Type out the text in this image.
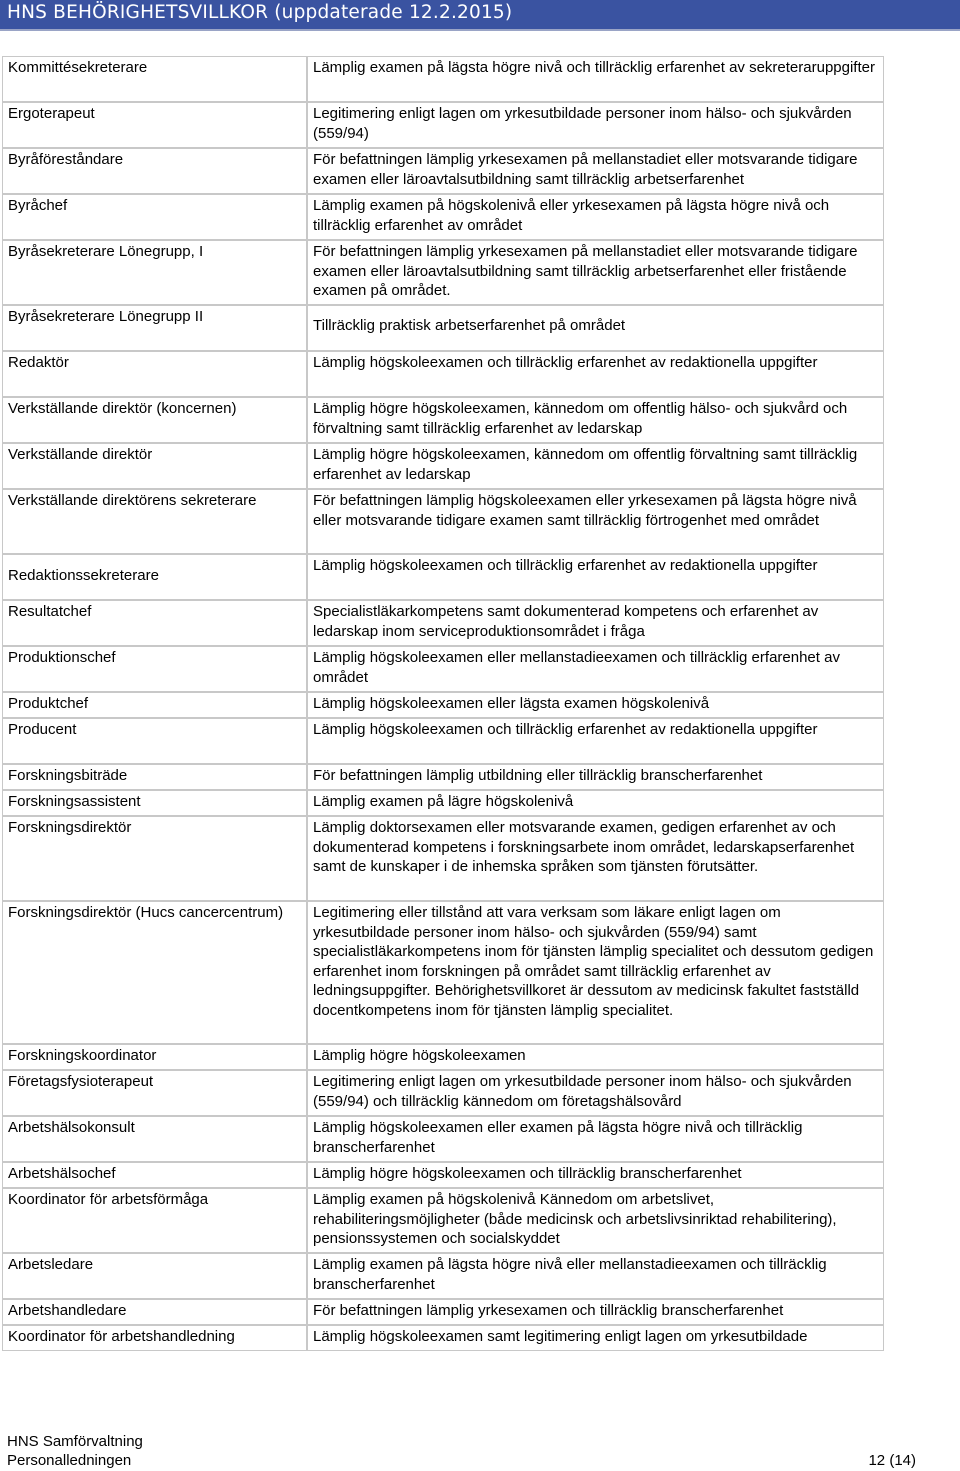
HNS BEHÖRIGHETSVILLKOR (uppdaterade 12.2.2015)
Kommittésekreterare	Lämplig examen på lägsta högre nivå och tillräcklig erfarenhet av sekreteraruppgifter
Ergoterapeut	Legitimering enligt lagen om yrkesutbildade personer inom hälso- och sjukvården (559/94)
Byråföreståndare	För befattningen lämplig yrkesexamen på mellanstadiet eller motsvarande tidigare examen eller läroavtalsutbildning samt tillräcklig arbetserfarenhet
Byråchef	Lämplig examen på högskolenivå eller yrkesexamen på lägsta högre nivå och tillräcklig erfarenhet av området
Byråsekreterare Lönegrupp, I	För befattningen lämplig yrkesexamen på mellanstadiet eller motsvarande tidigare examen eller läroavtalsutbildning samt tillräcklig arbetserfarenhet eller fristående examen på området.
Byråsekreterare Lönegrupp II	Tillräcklig praktisk arbetserfarenhet på området
Redaktör	Lämplig högskoleexamen och tillräcklig erfarenhet av redaktionella uppgifter
Verkställande direktör (koncernen)	Lämplig högre högskoleexamen, kännedom om offentlig hälso- och sjukvård och förvaltning samt tillräcklig erfarenhet av ledarskap
Verkställande direktör	Lämplig högre högskoleexamen, kännedom om offentlig förvaltning samt tillräcklig erfarenhet av ledarskap
Verkställande direktörens sekreterare	För befattningen lämplig högskoleexamen eller yrkesexamen på lägsta högre nivå eller motsvarande tidigare examen samt tillräcklig förtrogenhet med området
Redaktionssekreterare	Lämplig högskoleexamen och tillräcklig erfarenhet av redaktionella uppgifter
Resultatchef	Specialistläkarkompetens samt dokumenterad kompetens och erfarenhet av ledarskap inom serviceproduktionsområdet i fråga
Produktionschef	Lämplig högskoleexamen eller mellanstadieexamen och tillräcklig erfarenhet av området
Produktchef	Lämplig högskoleexamen eller lägsta examen högskolenivå
Producent	Lämplig högskoleexamen och tillräcklig erfarenhet av redaktionella uppgifter
Forskningsbiträde	För befattningen lämplig utbildning eller tillräcklig branscherfarenhet
Forskningsassistent	Lämplig examen på lägre högskolenivå
Forskningsdirektör	Lämplig doktorsexamen eller motsvarande examen, gedigen erfarenhet av och dokumenterad kompetens i forskningsarbete inom området, ledarskapserfarenhet samt de kunskaper i de inhemska språken som tjänsten förutsätter.
Forskningsdirektör (Hucs cancercentrum)	Legitimering eller tillstånd att vara verksam som läkare enligt lagen om yrkesutbildade personer inom hälso- och sjukvården (559/94) samt specialistläkarkompetens inom för tjänsten lämplig specialitet och dessutom gedigen erfarenhet inom forskningen på området samt tillräcklig erfarenhet av ledningsuppgifter. Behörighetsvillkoret är dessutom av medicinsk fakultet fastställd docentkompetens inom för tjänsten lämplig specialitet.
Forskningskoordinator	Lämplig högre högskoleexamen
Företagsfysioterapeut	Legitimering enligt lagen om yrkesutbildade personer inom hälso- och sjukvården (559/94) och tillräcklig kännedom om företagshälsovård
Arbetshälsokonsult	Lämplig högskoleexamen eller examen på lägsta högre nivå och tillräcklig branscherfarenhet
Arbetshälsochef	Lämplig högre högskoleexamen och tillräcklig branscherfarenhet
Koordinator för arbetsförmåga	Lämplig examen på högskolenivå Kännedom om arbetslivet, rehabiliteringsmöjligheter (både medicinsk och arbetslivsinriktad rehabilitering), pensionssystemen och socialskyddet
Arbetsledare	Lämplig examen på lägsta högre nivå eller mellanstadieexamen och tillräcklig branscherfarenhet
Arbetshandledare	För befattningen lämplig yrkesexamen och tillräcklig branscherfarenhet
Koordinator för arbetshandledning	Lämplig högskoleexamen samt legitimering enligt lagen om yrkesutbildade
HNS Samförvaltning
Personalledningen	12 (14)
